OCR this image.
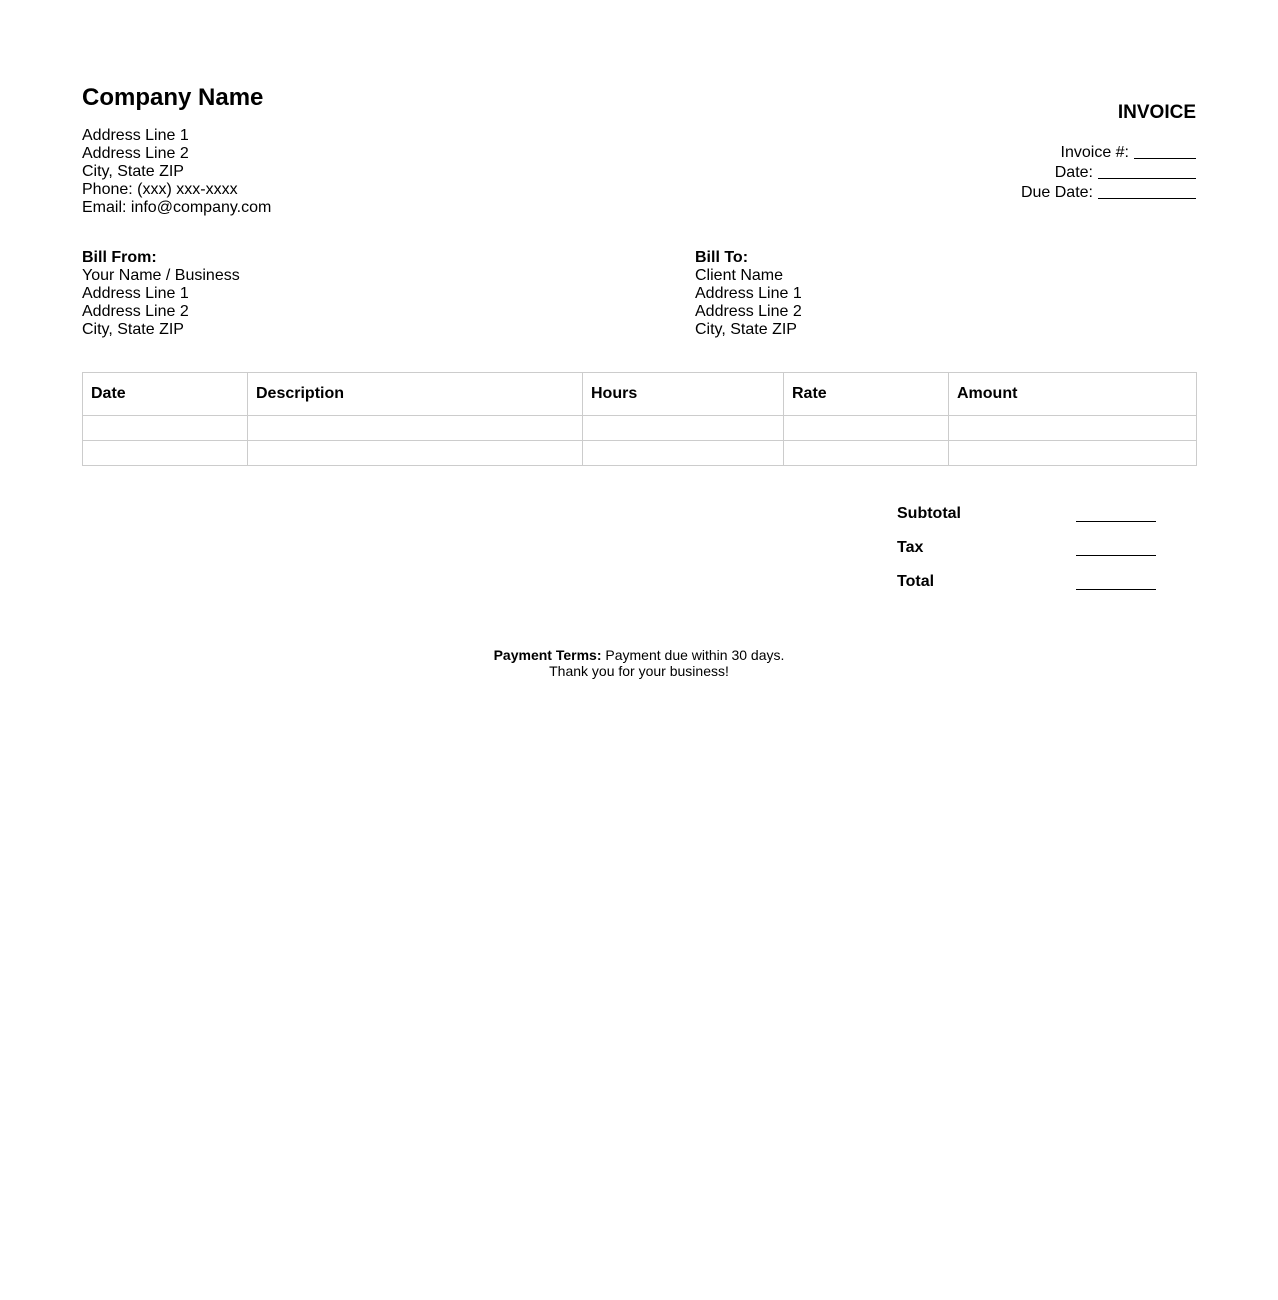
Company Name
Address Line 1
Address Line 2
City, State ZIP
Phone: (xxx) xxx-xxxx
Email: info@company.com
INVOICE
Invoice #:
Date:
Due Date:
Bill From:
Your Name / Business
Address Line 1
Address Line 2
City, State ZIP
Bill To:
Client Name
Address Line 1
Address Line 2
City, State ZIP
Date	Description	Hours	Rate	Amount

Subtotal
Tax
Total
Payment Terms: Payment due within 30 days.
Thank you for your business!
